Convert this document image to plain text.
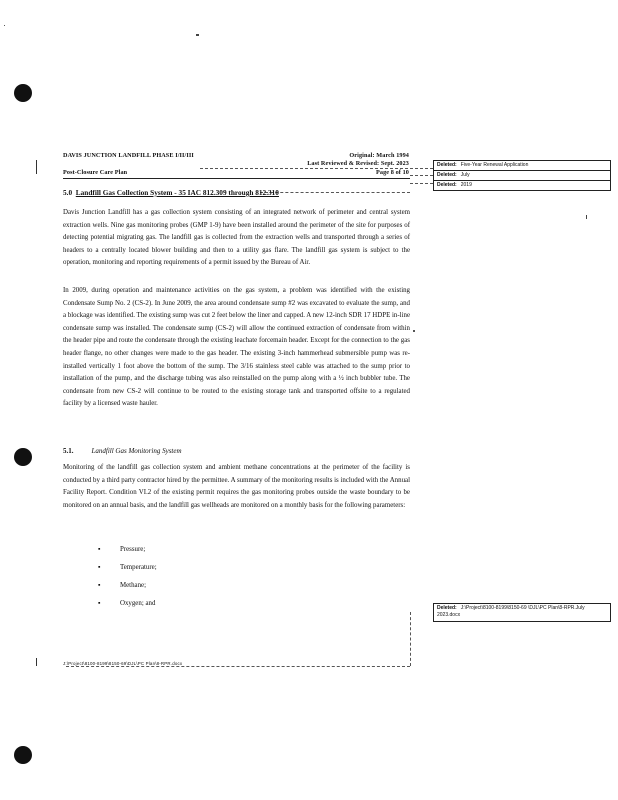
DAVIS JUNCTION LANDFILL PHASE I/II/III	Original: March 1994
Last Reviewed & Revised: Sept. 2023
Post-Closure Care Plan	Page 8 of 10
Deleted: Five-Year Renewal Application
Deleted: July
Deleted: 2019
Deleted: J:\Project\8100-8199\8150-69 \DJL\PC Plan\8-RPR.July 2023.docx
5.0 Landfill Gas Collection System - 35 IAC 812.309 through 812.310
Davis Junction Landfill has a gas collection system consisting of an integrated network of perimeter and central system extraction wells. Nine gas monitoring probes (GMP 1-9) have been installed around the perimeter of the site for purposes of detecting potential migrating gas. The landfill gas is collected from the extraction wells and transported through a series of headers to a centrally located blower building and then to a utility gas flare. The landfill gas system is subject to the operation, monitoring and reporting requirements of a permit issued by the Bureau of Air.
In 2009, during operation and maintenance activities on the gas system, a problem was identified with the existing Condensate Sump No. 2 (CS-2). In June 2009, the area around condensate sump #2 was excavated to evaluate the sump, and a blockage was identified. The existing sump was cut 2 feet below the liner and capped. A new 12-inch SDR 17 HDPE in-line condensate sump was installed. The condensate sump (CS-2) will allow the continued extraction of condensate from within the header pipe and route the condensate through the existing leachate forcemain header. Except for the connection to the gas header flange, no other changes were made to the gas header. The existing 3-inch hammerhead submersible pump was re-installed vertically 1 foot above the bottom of the sump. The 3/16 stainless steel cable was attached to the sump prior to installation of the pump, and the discharge tubing was also reinstalled on the pump along with a ½ inch bubbler tube. The condensate from new CS-2 will continue to be routed to the existing storage tank and transported offsite to a regulated facility by a licensed waste hauler.
5.1.	Landfill Gas Monitoring System
Monitoring of the landfill gas collection system and ambient methane concentrations at the perimeter of the facility is conducted by a third party contractor hired by the permittee. A summary of the monitoring results is included with the Annual Facility Report. Condition VI.2 of the existing permit requires the gas monitoring probes outside the waste boundary to be monitored on an annual basis, and the landfill gas wellheads are monitored on a monthly basis for the following parameters:
▪	Pressure;
▪	Temperature;
▪	Methane;
▪	Oxygen; and
J:\Project\8100-8199\8150-69\DJL\PC Plan\8-RPR.docx
